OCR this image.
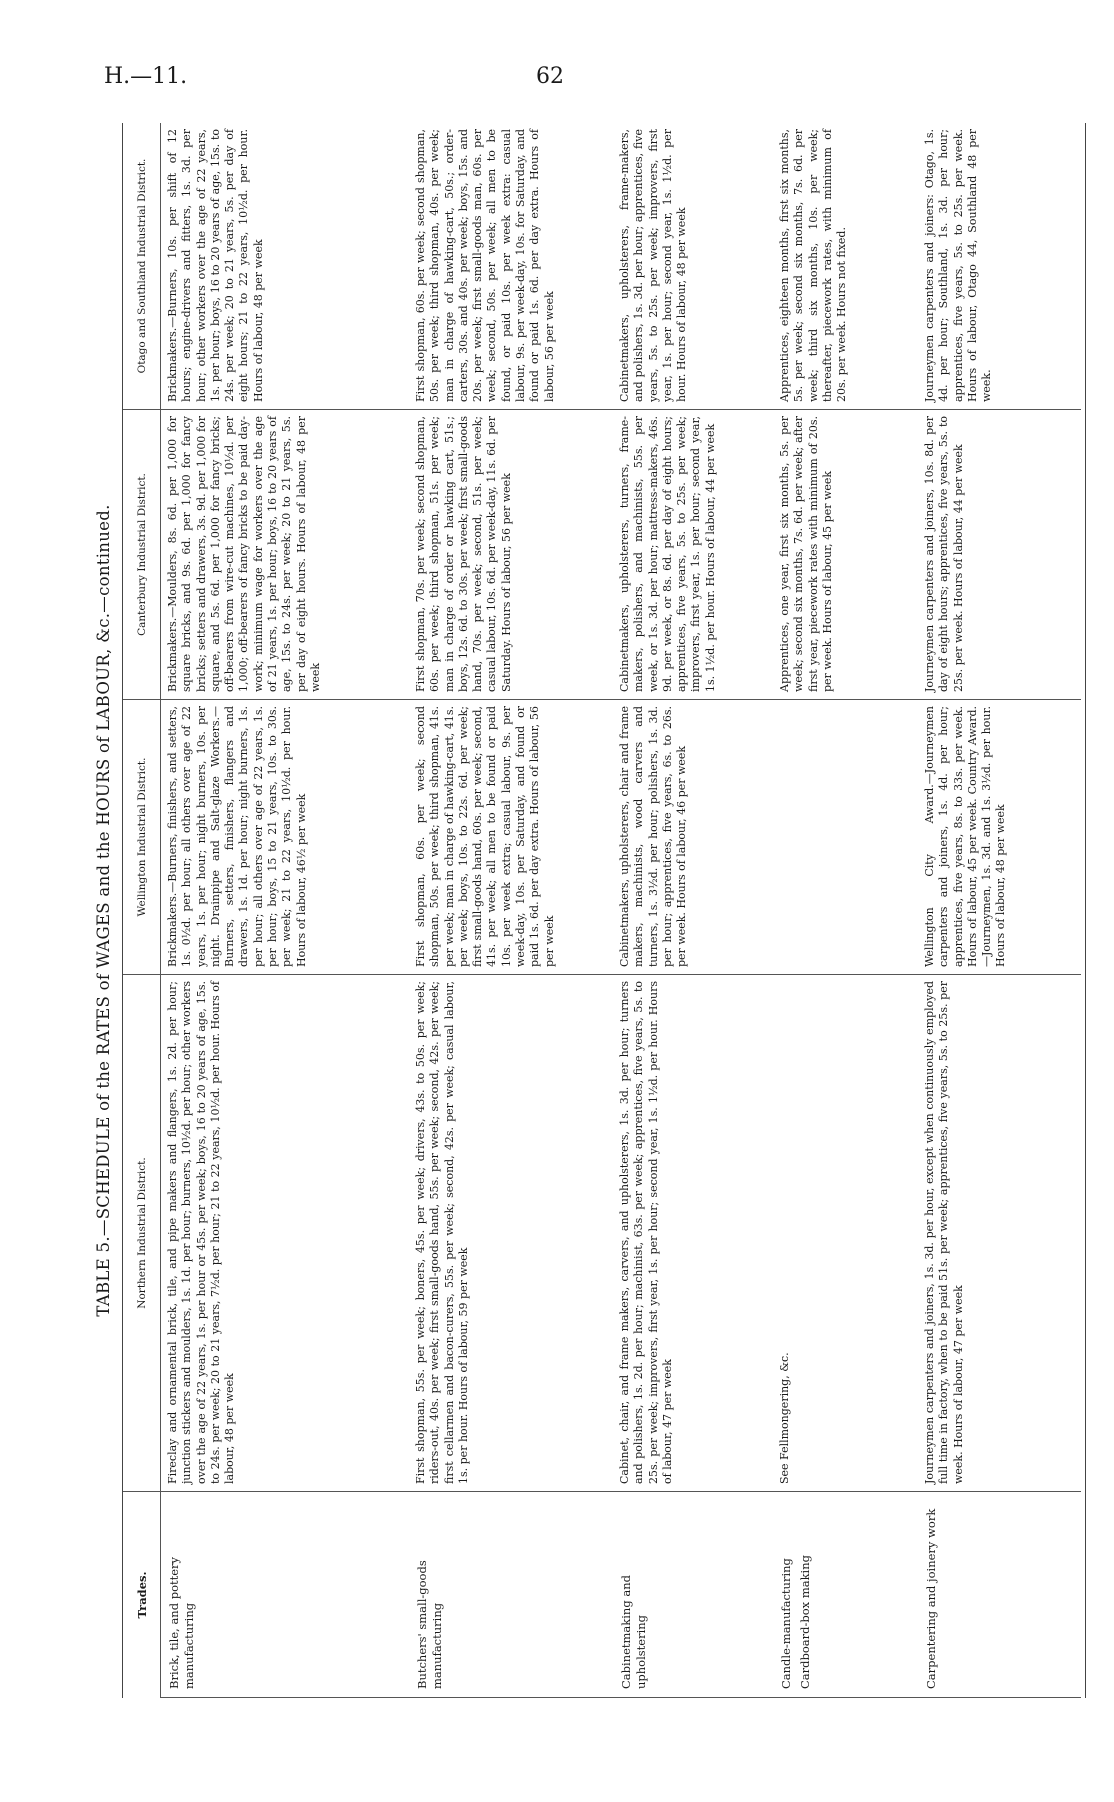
H.—11.	62
TABLE 5.—SCHEDULE of the RATES of WAGES and the HOURS of LABOUR, &c.—continued.
Trades.
Northern Industrial District.
Wellington Industrial District.
Canterbury Industrial District.
Otago and Southland Industrial District.
Brick, tile, and pottery manufacturing
Fireclay and ornamental brick, tile, and pipe makers and flangers, 1s. 2d. per hour; junction stickers and moulders, 1s. 1d. per hour; burners, 10½d. per hour; other workers over the age of 22 years, 1s. per hour or 45s. per week; boys, 16 to 20 years of age, 15s. to 24s. per week; 20 to 21 years, 7½d. per hour; 21 to 22 years, 10½d. per hour. Hours of labour, 48 per week
Brickmakers.—Burners, finishers, and setters, 1s. 0½d. per hour; all others over age of 22 years, 1s. per hour; night burners, 10s. per night. Drainpipe and Salt-glaze Workers.—Burners, setters, finishers, flangers and drawers, 1s. 1d. per hour; night burners, 1s. per hour; all others over age of 22 years, 1s. per hour; boys, 15 to 21 years, 10s. to 30s. per week; 21 to 22 years, 10½d. per hour. Hours of labour, 46½ per week
Brickmakers.—Moulders, 8s. 6d. per 1,000 for square bricks, and 9s. 6d. per 1,000 for fancy bricks; setters and drawers, 3s. 9d. per 1,000 for square, and 5s. 6d. per 1,000 for fancy bricks; off-bearers from wire-cut machines, 10½d. per 1,000; off-bearers of fancy bricks to be paid day-work; minimum wage for workers over the age of 21 years, 1s. per hour; boys, 16 to 20 years of age, 15s. to 24s. per week; 20 to 21 years, 5s. per day of eight hours. Hours of labour, 48 per week
Brickmakers.—Burners, 10s. per shift of 12 hours; engine-drivers and fitters, 1s. 3d. per hour; other workers over the age of 22 years, 1s. per hour; boys, 16 to 20 years of age, 15s. to 24s. per week; 20 to 21 years, 5s. per day of eight hours; 21 to 22 years, 10½d. per hour. Hours of labour, 48 per week
Butchers' small-goods manufacturing
First shopman, 55s. per week; boners, 45s. per week; drivers, 43s. to 50s. per week; riders-out, 40s. per week; first small-goods hand, 55s. per week; second, 42s. per week; first cellarmen and bacon-curers, 55s. per week; second, 42s. per week; casual labour, 1s. per hour. Hours of labour, 59 per week
First shopman, 60s. per week; second shopman, 50s. per week; third shopman, 41s. per week; man in charge of hawking-cart, 41s. per week; boys, 10s. to 22s. 6d. per week; first small-goods hand, 60s. per week; second, 41s. per week; all men to be found or paid 10s. per week extra; casual labour, 9s. per week-day, 10s. per Saturday, and found or paid 1s. 6d. per day extra. Hours of labour, 56 per week
First shopman, 70s. per week; second shopman, 60s. per week; third shopman, 51s. per week; man in charge of order or hawking cart, 51s.; boys, 12s. 6d. to 30s. per week; first small-goods hand, 70s. per week; second, 51s. per week; casual labour, 10s. 6d. per week-day, 11s. 6d. per Saturday. Hours of labour, 56 per week
First shopman, 60s. per week; second shopman, 50s. per week; third shopman, 40s. per week; man in charge of hawking-cart, 50s.; order-carters, 30s. and 40s. per week; boys, 15s. and 20s. per week; first small-goods man, 60s. per week; second, 50s. per week; all men to be found, or paid 10s. per week extra: casual labour, 9s. per week-day, 10s. for Saturday, and found or paid 1s. 6d. per day extra. Hours of labour, 56 per week
Cabinetmaking and upholstering
Cabinet, chair, and frame makers, carvers, and upholsterers, 1s. 3d. per hour; turners and polishers, 1s. 2d. per hour; machinist, 63s. per week; apprentices, five years, 5s. to 25s. per week; improvers, first year, 1s. per hour; second year, 1s. 1½d. per hour. Hours of labour, 47 per week
Cabinetmakers, upholsterers, chair and frame makers, machinists, wood carvers and turners, 1s. 3½d. per hour; polishers, 1s. 3d. per hour; apprentices, five years, 6s. to 26s. per week. Hours of labour, 46 per week
Cabinetmakers, upholsterers, turners, frame-makers, polishers, and machinists, 55s. per week, or 1s. 3d. per hour; mattress-makers, 46s. 9d. per week, or 8s. 6d. per day of eight hours; apprentices, five years, 5s. to 25s. per week; improvers, first year, 1s. per hour; second year, 1s. 1½d. per hour. Hours of labour, 44 per week
Cabinetmakers, upholsterers, frame-makers, and polishers, 1s. 3d. per hour; apprentices, five years, 5s. to 25s. per week; improvers, first year, 1s. per hour; second year, 1s. 1½d. per hour. Hours of labour, 48 per week
Candle-manufacturing Cardboard-box making
See Fellmongering, &c.
Apprentices, one year, first six months, 5s. per week; second six months, 7s. 6d. per week; after first year, piecework rates with minimum of 20s. per week. Hours of labour, 45 per week
Apprentices, eighteen months, first six months, 5s. per week; second six months, 7s. 6d. per week; third six months, 10s. per week; thereafter, piecework rates, with minimum of 20s. per week. Hours not fixed.
Carpentering and joinery work
Journeymen carpenters and joiners, 1s. 3d. per hour, except when continuously employed full time in factory, when to be paid 51s. per week; apprentices, five years, 5s. to 25s. per week. Hours of labour, 47 per week
Wellington City Award.—Journeymen carpenters and joiners, 1s. 4d. per hour; apprentices, five years, 8s. to 33s. per week. Hours of labour, 45 per week. Country Award.—Journeymen, 1s. 3d. and 1s. 3½d. per hour. Hours of labour, 48 per week
Journeymen carpenters and joiners, 10s. 8d. per day of eight hours; apprentices, five years, 5s. to 25s. per week. Hours of labour, 44 per week
Journeymen carpenters and joiners: Otago, 1s. 4d. per hour; Southland, 1s. 3d. per hour; apprentices, five years, 5s. to 25s. per week. Hours of labour, Otago 44, Southland 48 per week.
